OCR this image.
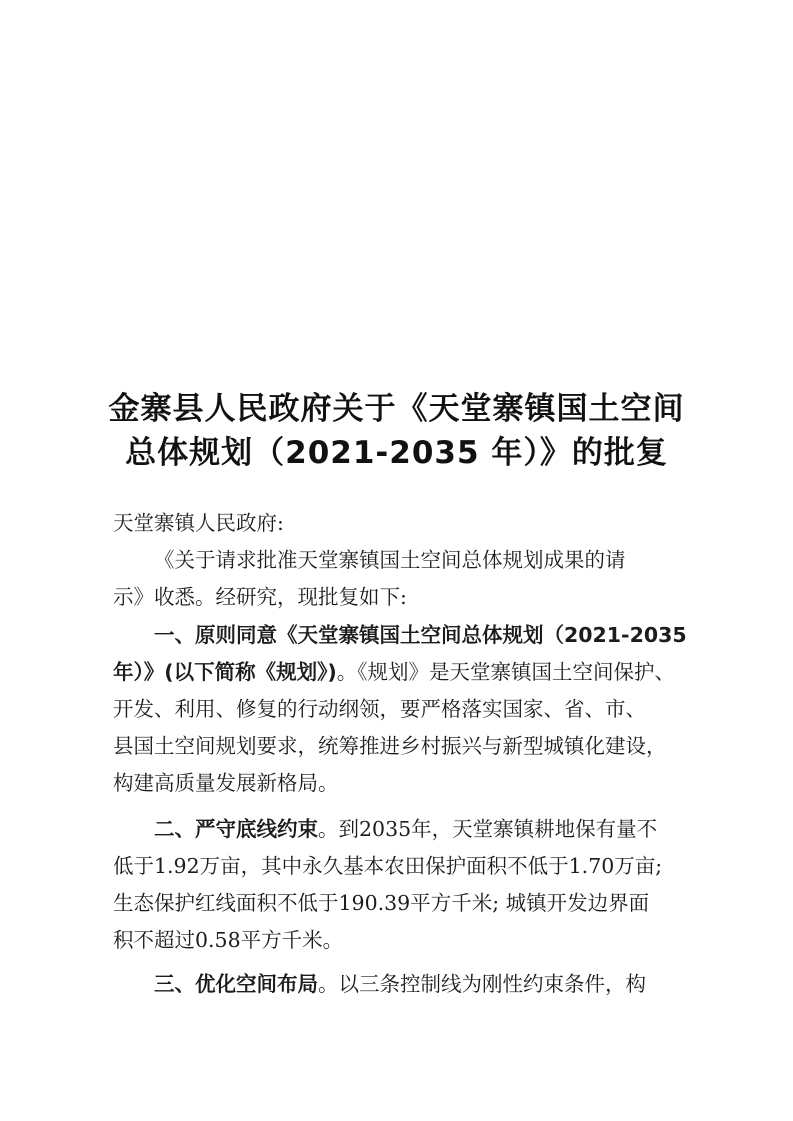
金寨县人民政府关于《天堂寨镇国土空间
总体规划（2021-2035 年）》的批复

天堂寨镇人民政府:

《关于请求批准天堂寨镇国土空间总体规划成果的请

示》收悉。经研究，现批复如下:

一、原则同意《天堂寨镇国土空间总体规划（2021-2035

年）》(以下简称《规划》)。《规划》是天堂寨镇国土空间保护、

开发、利用、修复的行动纲领，要严格落实国家、省、市、

县国土空间规划要求，统筹推进乡村振兴与新型城镇化建设，

构建高质量发展新格局。

二、严守底线约束。到2035年，天堂寨镇耕地保有量不

低于1.92万亩，其中永久基本农田保护面积不低于1.70万亩;

生态保护红线面积不低于190.39平方千米; 城镇开发边界面

积不超过0.58平方千米。

三、优化空间布局。以三条控制线为刚性约束条件，构
